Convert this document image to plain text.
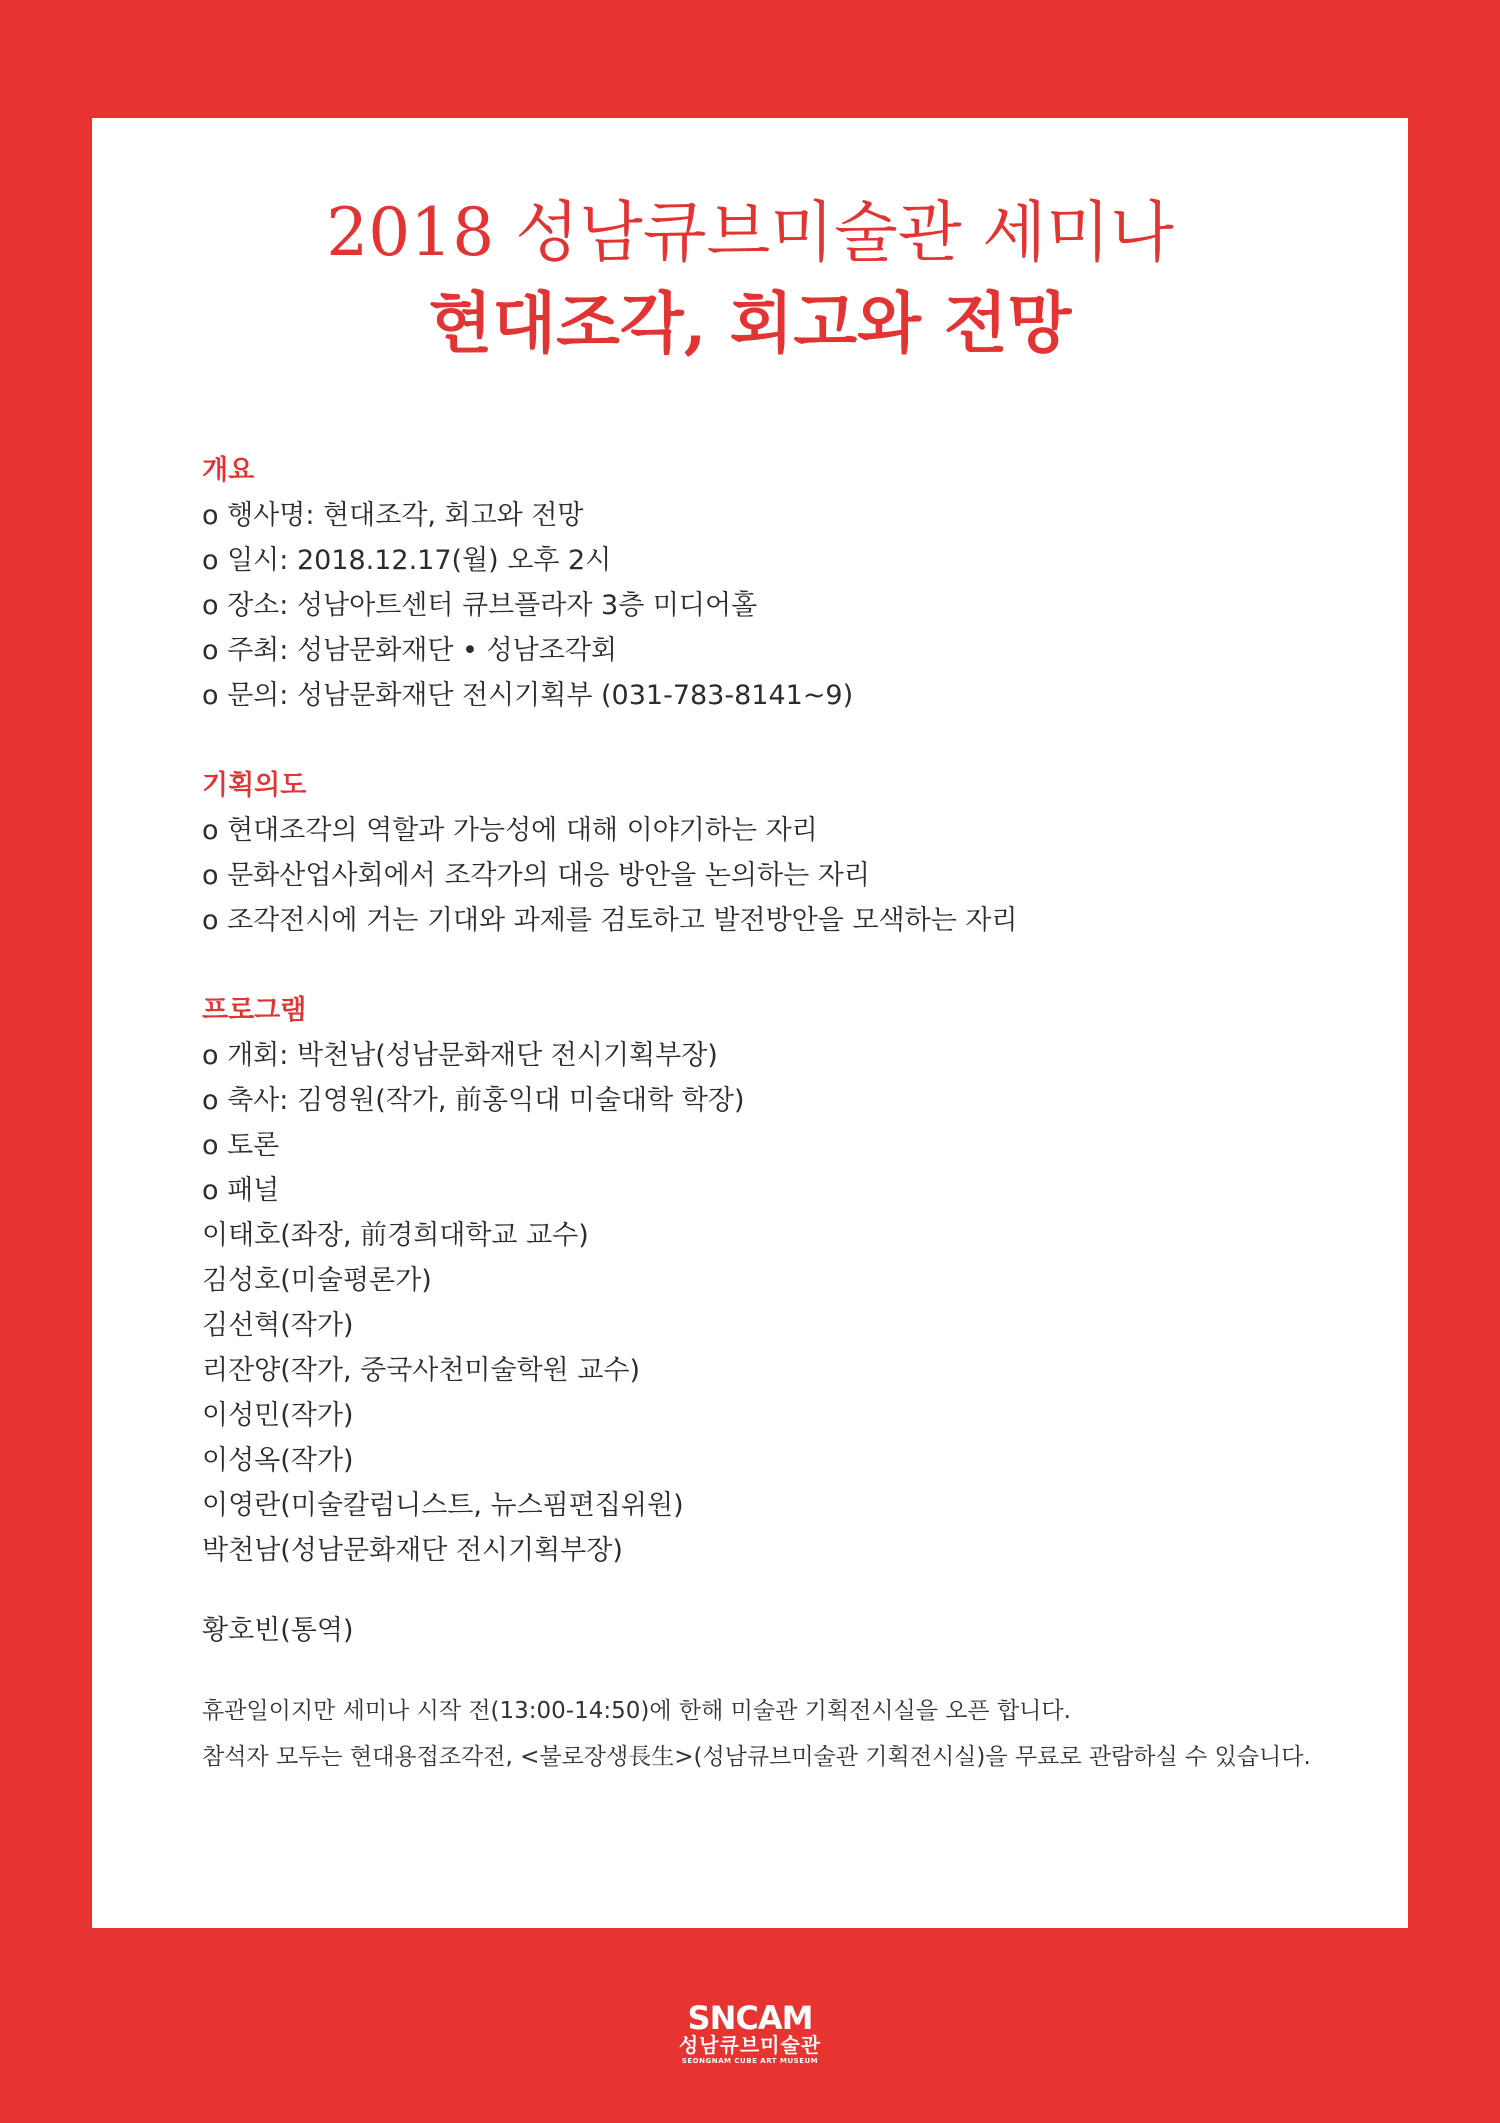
2018 성남큐브미술관 세미나
현대조각, 회고와 전망

개요

o 행사명: 현대조각, 회고와 전망

o 일시: 2018.12.17(월) 오후 2시

o 장소: 성남아트센터 큐브플라자 3층 미디어홀

o 주최: 성남문화재단 • 성남조각회

o 문의: 성남문화재단 전시기획부 (031-783-8141~9)

기획의도

o 현대조각의 역할과 가능성에 대해 이야기하는 자리

o 문화산업사회에서 조각가의 대응 방안을 논의하는 자리

o 조각전시에 거는 기대와 과제를 검토하고 발전방안을 모색하는 자리

프로그램

o 개회: 박천남(성남문화재단 전시기획부장)

o 축사: 김영원(작가, 前홍익대 미술대학 학장)

o 토론

o 패널

이태호(좌장, 前경희대학교 교수)

김성호(미술평론가)

김선혁(작가)

리잔양(작가, 중국사천미술학원 교수)

이성민(작가)

이성옥(작가)

이영란(미술칼럼니스트, 뉴스핌편집위원)

박천남(성남문화재단 전시기획부장)

황호빈(통역)

휴관일이지만 세미나 시작 전(13:00-14:50)에 한해 미술관 기획전시실을 오픈 합니다.

참석자 모두는 현대용접조각전, <불로장생長生>(성남큐브미술관 기획전시실)을 무료로 관람하실 수 있습니다.

SNCAM
성남큐브미술관
SEONGNAM CUBE ART MUSEUM
